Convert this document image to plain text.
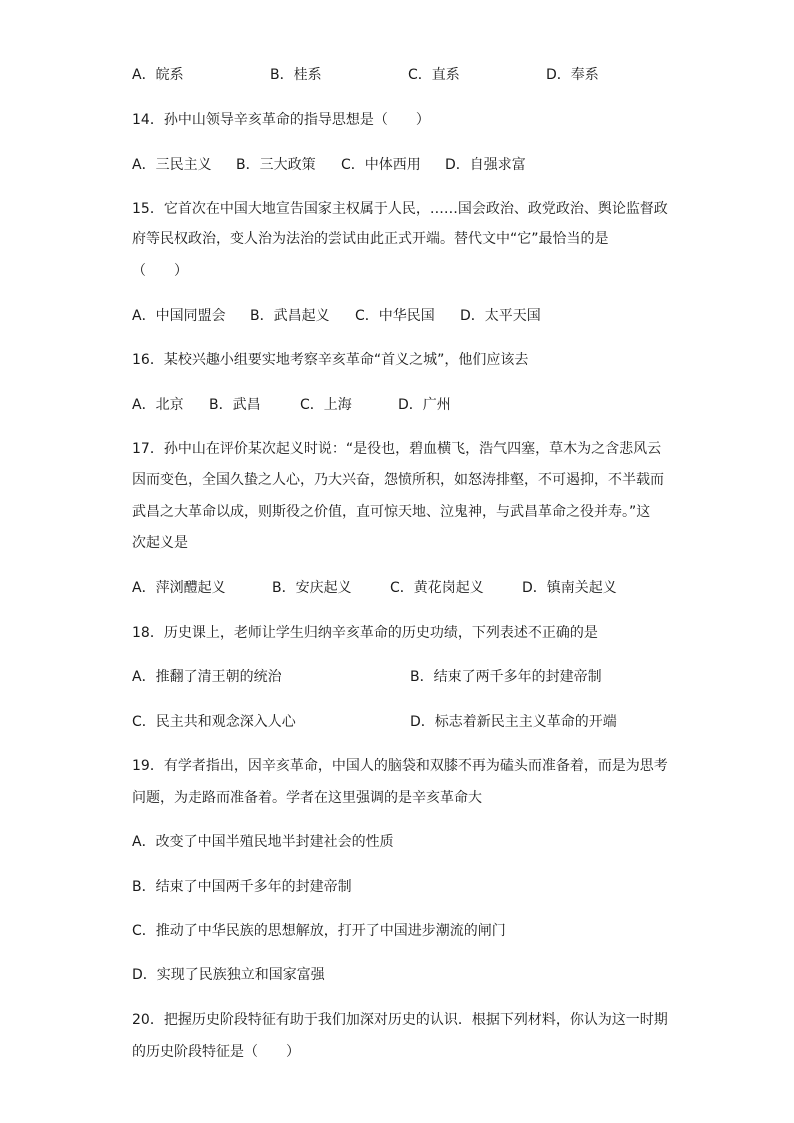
A．皖系	B．桂系	C．直系	D．奉系
14．孙中山领导辛亥革命的指导思想是（　　）
A．三民主义 B．三大政策 C．中体西用 D．自强求富
15．它首次在中国大地宣告国家主权属于人民，……国会政治、政党政治、舆论监督政
府等民权政治，变人治为法治的尝试由此正式开端。替代文中“它”最恰当的是
（　　）
A．中国同盟会 B．武昌起义 C．中华民国 D．太平天国
16．某校兴趣小组要实地考察辛亥革命“首义之城”，他们应该去
A．北京 B．武昌	C．上海	D．广州
17．孙中山在评价某次起义时说：“是役也，碧血横飞，浩气四塞，草木为之含悲风云
因而变色，全国久蛰之人心，乃大兴奋，怨愤所积，如怒涛排壑，不可遏抑，不半载而
武昌之大革命以成，则斯役之价值，直可惊天地、泣鬼神，与武昌革命之役并寿。”这
次起义是
A．萍浏醴起义	B．安庆起义	C．黄花岗起义	D．镇南关起义
18．历史课上，老师让学生归纳辛亥革命的历史功绩，下列表述不正确的是
A．推翻了清王朝的统治	B．结束了两千多年的封建帝制
C．民主共和观念深入人心	D．标志着新民主主义革命的开端
19．有学者指出，因辛亥革命，中国人的脑袋和双膝不再为磕头而准备着，而是为思考
问题，为走路而准备着。学者在这里强调的是辛亥革命大
A．改变了中国半殖民地半封建社会的性质
B．结束了中国两千多年的封建帝制
C．推动了中华民族的思想解放，打开了中国进步潮流的闸门
D．实现了民族独立和国家富强
20．把握历史阶段特征有助于我们加深对历史的认识．根据下列材料，你认为这一时期
的历史阶段特征是（　　）
